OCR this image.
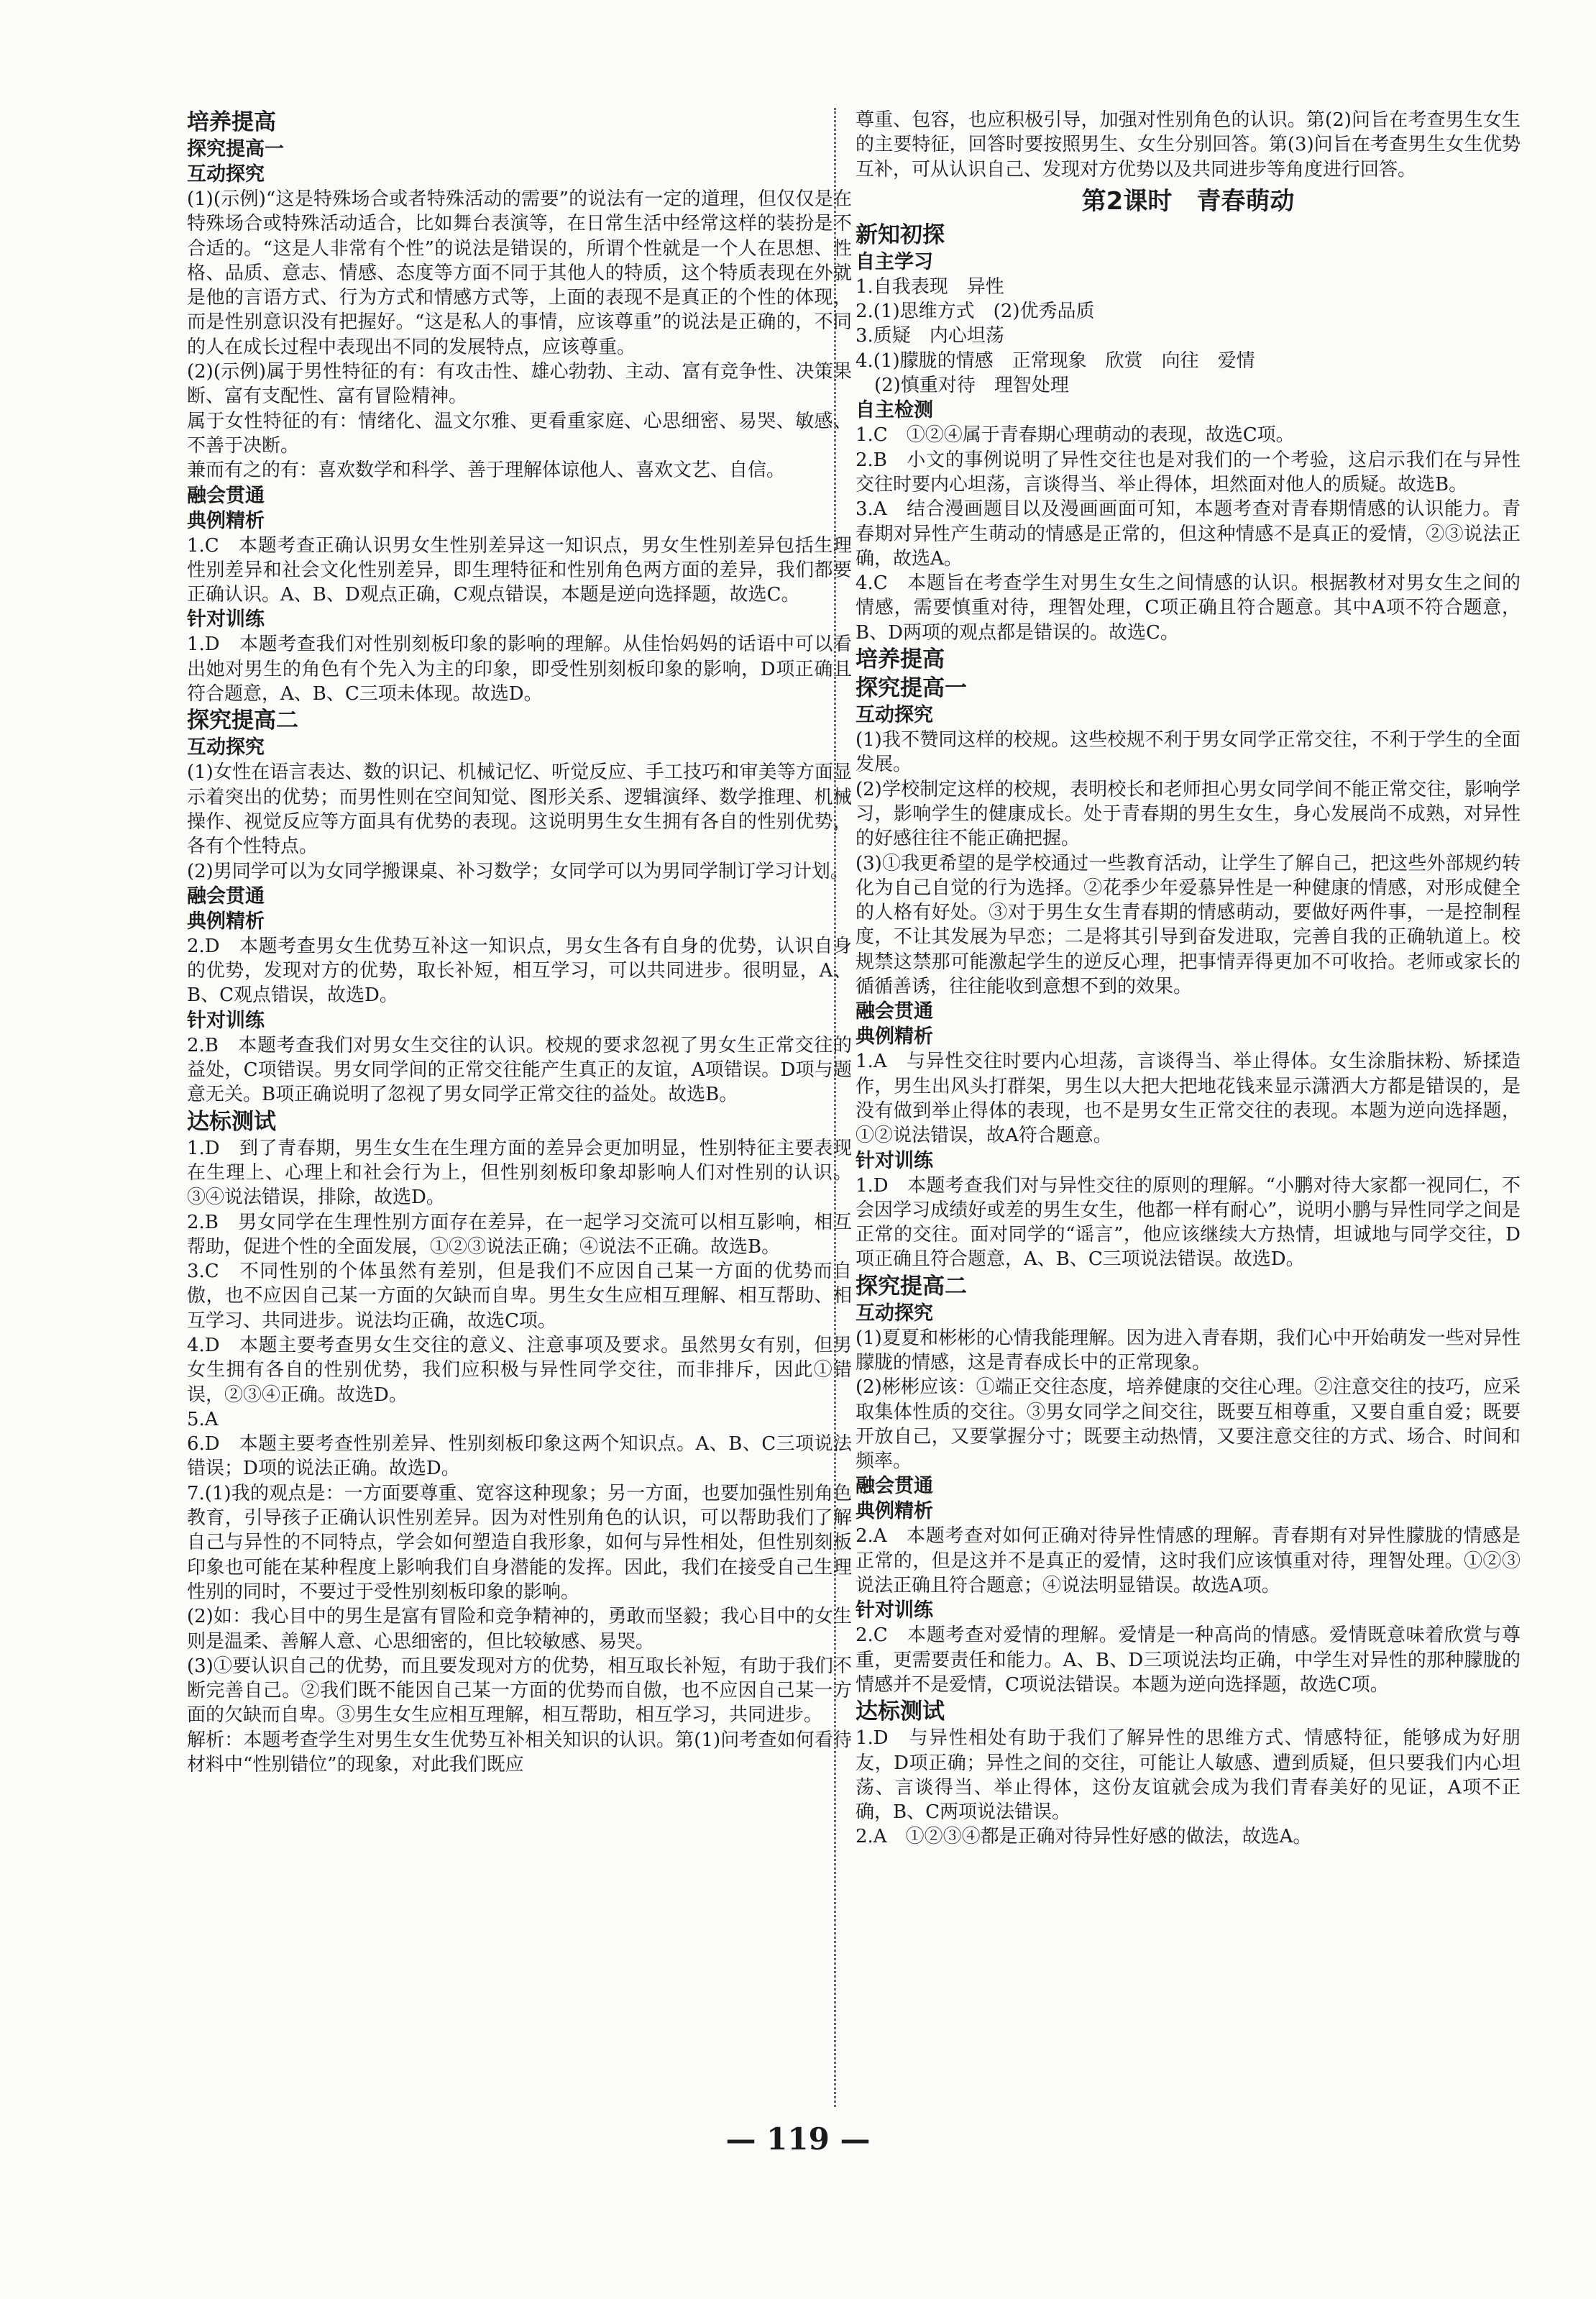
培养提高
探究提高一
互动探究
(1)(示例)“这是特殊场合或者特殊活动的需要”的说法有一定的道理，但仅仅是在特殊场合或特殊活动适合，比如舞台表演等，在日常生活中经常这样的装扮是不合适的。“这是人非常有个性”的说法是错误的，所谓个性就是一个人在思想、性格、品质、意志、情感、态度等方面不同于其他人的特质，这个特质表现在外就是他的言语方式、行为方式和情感方式等，上面的表现不是真正的个性的体现，而是性别意识没有把握好。“这是私人的事情，应该尊重”的说法是正确的，不同的人在成长过程中表现出不同的发展特点，应该尊重。
(2)(示例)属于男性特征的有：有攻击性、雄心勃勃、主动、富有竞争性、决策果断、富有支配性、富有冒险精神。
属于女性特征的有：情绪化、温文尔雅、更看重家庭、心思细密、易哭、敏感、不善于决断。
兼而有之的有：喜欢数学和科学、善于理解体谅他人、喜欢文艺、自信。
融会贯通
典例精析
1.C　本题考查正确认识男女生性别差异这一知识点，男女生性别差异包括生理性别差异和社会文化性别差异，即生理特征和性别角色两方面的差异，我们都要正确认识。A、B、D观点正确，C观点错误，本题是逆向选择题，故选C。
针对训练
1.D　本题考查我们对性别刻板印象的影响的理解。从佳怡妈妈的话语中可以看出她对男生的角色有个先入为主的印象，即受性别刻板印象的影响，D项正确且符合题意，A、B、C三项未体现。故选D。
探究提高二
互动探究
(1)女性在语言表达、数的识记、机械记忆、听觉反应、手工技巧和审美等方面显示着突出的优势；而男性则在空间知觉、图形关系、逻辑演绎、数学推理、机械操作、视觉反应等方面具有优势的表现。这说明男生女生拥有各自的性别优势，各有个性特点。
(2)男同学可以为女同学搬课桌、补习数学；女同学可以为男同学制订学习计划。
融会贯通
典例精析
2.D　本题考查男女生优势互补这一知识点，男女生各有自身的优势，认识自身的优势，发现对方的优势，取长补短，相互学习，可以共同进步。很明显，A、B、C观点错误，故选D。
针对训练
2.B　本题考查我们对男女生交往的认识。校规的要求忽视了男女生正常交往的益处，C项错误。男女同学间的正常交往能产生真正的友谊，A项错误。D项与题意无关。B项正确说明了忽视了男女同学正常交往的益处。故选B。
达标测试
1.D　到了青春期，男生女生在生理方面的差异会更加明显，性别特征主要表现在生理上、心理上和社会行为上，但性别刻板印象却影响人们对性别的认识。③④说法错误，排除，故选D。
2.B　男女同学在生理性别方面存在差异，在一起学习交流可以相互影响，相互帮助，促进个性的全面发展，①②③说法正确；④说法不正确。故选B。
3.C　不同性别的个体虽然有差别，但是我们不应因自己某一方面的优势而自傲，也不应因自己某一方面的欠缺而自卑。男生女生应相互理解、相互帮助、相互学习、共同进步。说法均正确，故选C项。
4.D　本题主要考查男女生交往的意义、注意事项及要求。虽然男女有别，但男女生拥有各自的性别优势，我们应积极与异性同学交往，而非排斥，因此①错误，②③④正确。故选D。
5.A
6.D　本题主要考查性别差异、性别刻板印象这两个知识点。A、B、C三项说法错误；D项的说法正确。故选D。
7.(1)我的观点是：一方面要尊重、宽容这种现象；另一方面，也要加强性别角色教育，引导孩子正确认识性别差异。因为对性别角色的认识，可以帮助我们了解自己与异性的不同特点，学会如何塑造自我形象，如何与异性相处，但性别刻板印象也可能在某种程度上影响我们自身潜能的发挥。因此，我们在接受自己生理性别的同时，不要过于受性别刻板印象的影响。
(2)如：我心目中的男生是富有冒险和竞争精神的，勇敢而坚毅；我心目中的女生则是温柔、善解人意、心思细密的，但比较敏感、易哭。
(3)①要认识自己的优势，而且要发现对方的优势，相互取长补短，有助于我们不断完善自己。②我们既不能因自己某一方面的优势而自傲，也不应因自己某一方面的欠缺而自卑。③男生女生应相互理解，相互帮助，相互学习，共同进步。
解析：本题考查学生对男生女生优势互补相关知识的认识。第(1)问考查如何看待材料中“性别错位”的现象，对此我们既应
尊重、包容，也应积极引导，加强对性别角色的认识。第(2)问旨在考查男生女生的主要特征，回答时要按照男生、女生分别回答。第(3)问旨在考查男生女生优势互补，可从认识自己、发现对方优势以及共同进步等角度进行回答。
第2课时　青春萌动
新知初探
自主学习
1.自我表现　异性
2.(1)思维方式　(2)优秀品质
3.质疑　内心坦荡
4.(1)朦胧的情感　正常现象　欣赏　向往　爱情
　(2)慎重对待　理智处理
自主检测
1.C　①②④属于青春期心理萌动的表现，故选C项。
2.B　小文的事例说明了异性交往也是对我们的一个考验，这启示我们在与异性交往时要内心坦荡，言谈得当、举止得体，坦然面对他人的质疑。故选B。
3.A　结合漫画题目以及漫画画面可知，本题考查对青春期情感的认识能力。青春期对异性产生萌动的情感是正常的，但这种情感不是真正的爱情，②③说法正确，故选A。
4.C　本题旨在考查学生对男生女生之间情感的认识。根据教材对男女生之间的情感，需要慎重对待，理智处理，C项正确且符合题意。其中A项不符合题意，B、D两项的观点都是错误的。故选C。
培养提高
探究提高一
互动探究
(1)我不赞同这样的校规。这些校规不利于男女同学正常交往，不利于学生的全面发展。
(2)学校制定这样的校规，表明校长和老师担心男女同学间不能正常交往，影响学习，影响学生的健康成长。处于青春期的男生女生，身心发展尚不成熟，对异性的好感往往不能正确把握。
(3)①我更希望的是学校通过一些教育活动，让学生了解自己，把这些外部规约转化为自己自觉的行为选择。②花季少年爱慕异性是一种健康的情感，对形成健全的人格有好处。③对于男生女生青春期的情感萌动，要做好两件事，一是控制程度，不让其发展为早恋；二是将其引导到奋发进取，完善自我的正确轨道上。校规禁这禁那可能激起学生的逆反心理，把事情弄得更加不可收拾。老师或家长的循循善诱，往往能收到意想不到的效果。
融会贯通
典例精析
1.A　与异性交往时要内心坦荡，言谈得当、举止得体。女生涂脂抹粉、矫揉造作，男生出风头打群架，男生以大把大把地花钱来显示潇洒大方都是错误的，是没有做到举止得体的表现，也不是男女生正常交往的表现。本题为逆向选择题，①②说法错误，故A符合题意。
针对训练
1.D　本题考查我们对与异性交往的原则的理解。“小鹏对待大家都一视同仁，不会因学习成绩好或差的男生女生，他都一样有耐心”，说明小鹏与异性同学之间是正常的交往。面对同学的“谣言”，他应该继续大方热情，坦诚地与同学交往，D项正确且符合题意，A、B、C三项说法错误。故选D。
探究提高二
互动探究
(1)夏夏和彬彬的心情我能理解。因为进入青春期，我们心中开始萌发一些对异性朦胧的情感，这是青春成长中的正常现象。
(2)彬彬应该：①端正交往态度，培养健康的交往心理。②注意交往的技巧，应采取集体性质的交往。③男女同学之间交往，既要互相尊重，又要自重自爱；既要开放自己，又要掌握分寸；既要主动热情，又要注意交往的方式、场合、时间和频率。
融会贯通
典例精析
2.A　本题考查对如何正确对待异性情感的理解。青春期有对异性朦胧的情感是正常的，但是这并不是真正的爱情，这时我们应该慎重对待，理智处理。①②③说法正确且符合题意；④说法明显错误。故选A项。
针对训练
2.C　本题考查对爱情的理解。爱情是一种高尚的情感。爱情既意味着欣赏与尊重，更需要责任和能力。A、B、D三项说法均正确，中学生对异性的那种朦胧的情感并不是爱情，C项说法错误。本题为逆向选择题，故选C项。
达标测试
1.D　与异性相处有助于我们了解异性的思维方式、情感特征，能够成为好朋友，D项正确；异性之间的交往，可能让人敏感、遭到质疑，但只要我们内心坦荡、言谈得当、举止得体，这份友谊就会成为我们青春美好的见证，A项不正确，B、C两项说法错误。
2.A　①②③④都是正确对待异性好感的做法，故选A。
— 119 —
